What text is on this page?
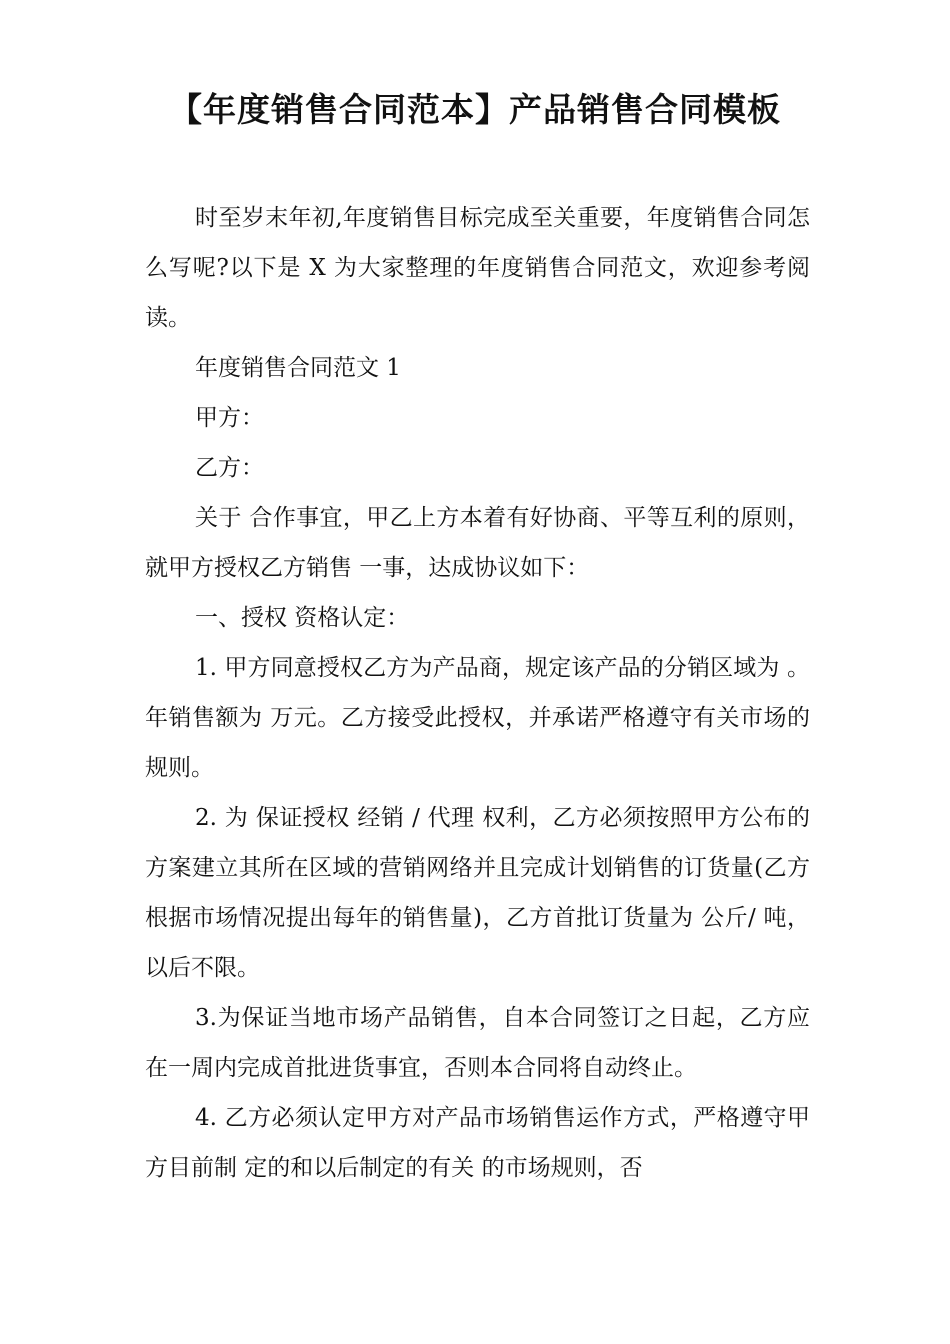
【年度销售合同范本】产品销售合同模板

时至岁末年初,年度销售目标完成至关重要，年度销售合同怎么写呢?以下是 X 为大家整理的年度销售合同范文，欢迎参考阅读。

年度销售合同范文 1

甲方：

乙方：

关于 合作事宜，甲乙上方本着有好协商、平等互利的原则，就甲方授权乙方销售 一事，达成协议如下：

一、授权 资格认定：

1. 甲方同意授权乙方为产品商，规定该产品的分销区域为 。年销售额为 万元。乙方接受此授权，并承诺严格遵守有关市场的规则。

2. 为 保证授权 经销 / 代理 权利，乙方必须按照甲方公布的方案建立其所在区域的营销网络并且完成计划销售的订货量(乙方根据市场情况提出每年的销售量)，乙方首批订货量为 公斤/ 吨，以后不限。

3.为保证当地市场产品销售，自本合同签订之日起，乙方应在一周内完成首批进货事宜，否则本合同将自动终止。

4. 乙方必须认定甲方对产品市场销售运作方式，严格遵守甲方目前制 定的和以后制定的有关 的市场规则，否
